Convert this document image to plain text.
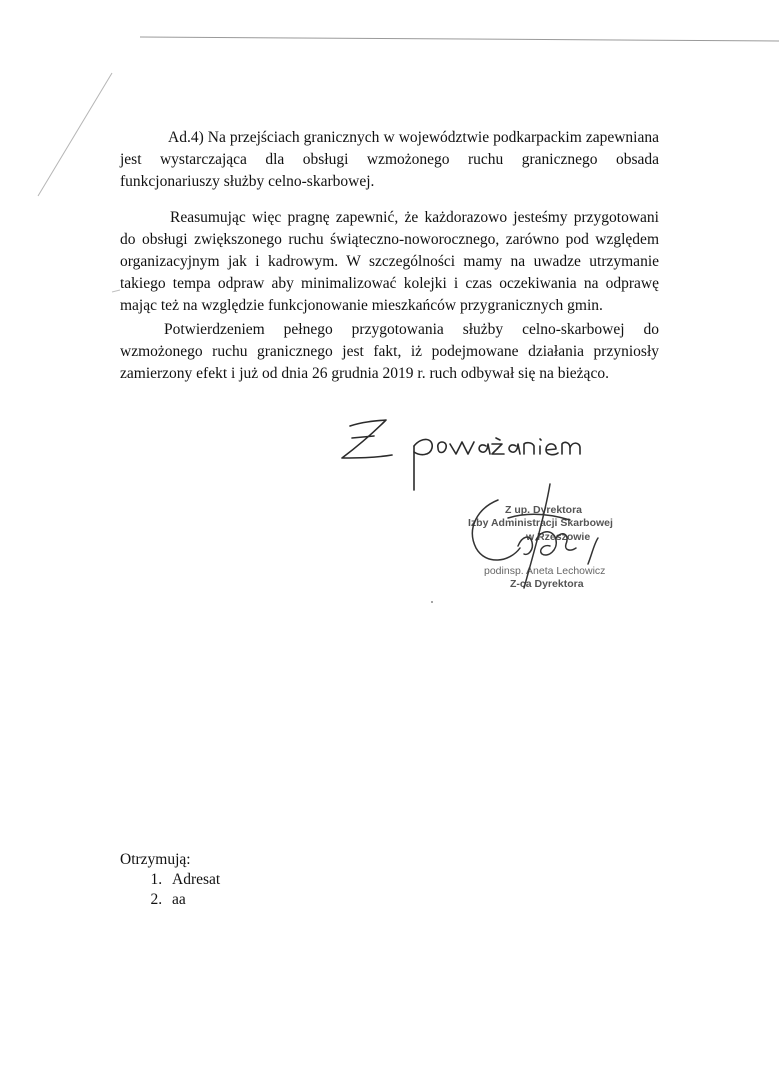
Ad.4) Na przejściach granicznych w województwie podkarpackim zapewniana jest wystarczająca dla obsługi wzmożonego ruchu granicznego obsada funkcjonariuszy służby celno-skarbowej.

Reasumując więc pragnę zapewnić, że każdorazowo jesteśmy przygotowani do obsługi zwiększonego ruchu świąteczno-noworocznego, zarówno pod względem organizacyjnym jak i kadrowym. W szczególności mamy na uwadze utrzymanie takiego tempa odpraw aby minimalizować kolejki i czas oczekiwania na odprawę mając też na względzie funkcjonowanie mieszkańców przygranicznych gmin.

Potwierdzeniem pełnego przygotowania służby celno-skarbowej do wzmożonego ruchu granicznego jest fakt, iż podejmowane działania przyniosły zamierzony efekt i już od dnia 26 grudnia 2019 r. ruch odbywał się na bieżąco.

Z up. Dyrektora
Izby Administracji Skarbowej
w Rzeszowie
podinsp. Aneta Lechowicz
Z-ca Dyrektora
Otrzymują:
1. Adresat
2. aa
